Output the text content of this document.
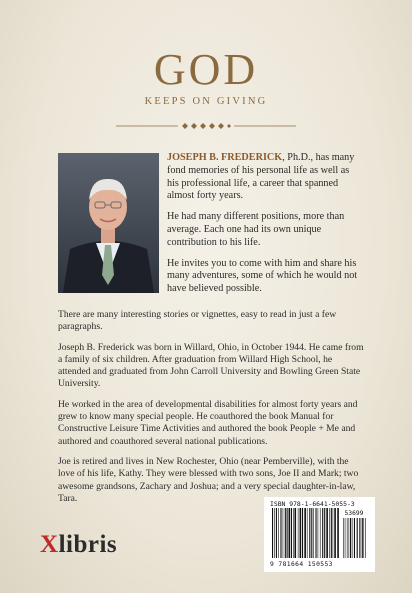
GOD
KEEPS ON GIVING

JOSEPH B. FREDERICK, Ph.D., has many fond memories of his personal life as well as his professional life, a career that spanned almost forty years.

He had many different positions, more than average. Each one had its own unique contribution to his life.

He invites you to come with him and share his many adventures, some of which he would not have believed possible.

There are many interesting stories or vignettes, easy to read in just a few paragraphs.

Joseph B. Frederick was born in Willard, Ohio, in October 1944. He came from a family of six children. After graduation from Willard High School, he attended and graduated from John Carroll University and Bowling Green State University.

He worked in the area of developmental disabilities for almost forty years and grew to know many special people. He coauthored the book Manual for Constructive Leisure Time Activities and authored the book People + Me and authored and coauthored several national publications.

Joe is retired and lives in New Rochester, Ohio (near Pemberville), with the love of his life, Kathy. They were blessed with two sons, Joe II and Mark; two awesome grandsons, Zachary and Joshua; and a very special daughter-in-law, Tara.

Xlibris
ISBN 978-1-6641-5055-3
53699
9 781664 150553
